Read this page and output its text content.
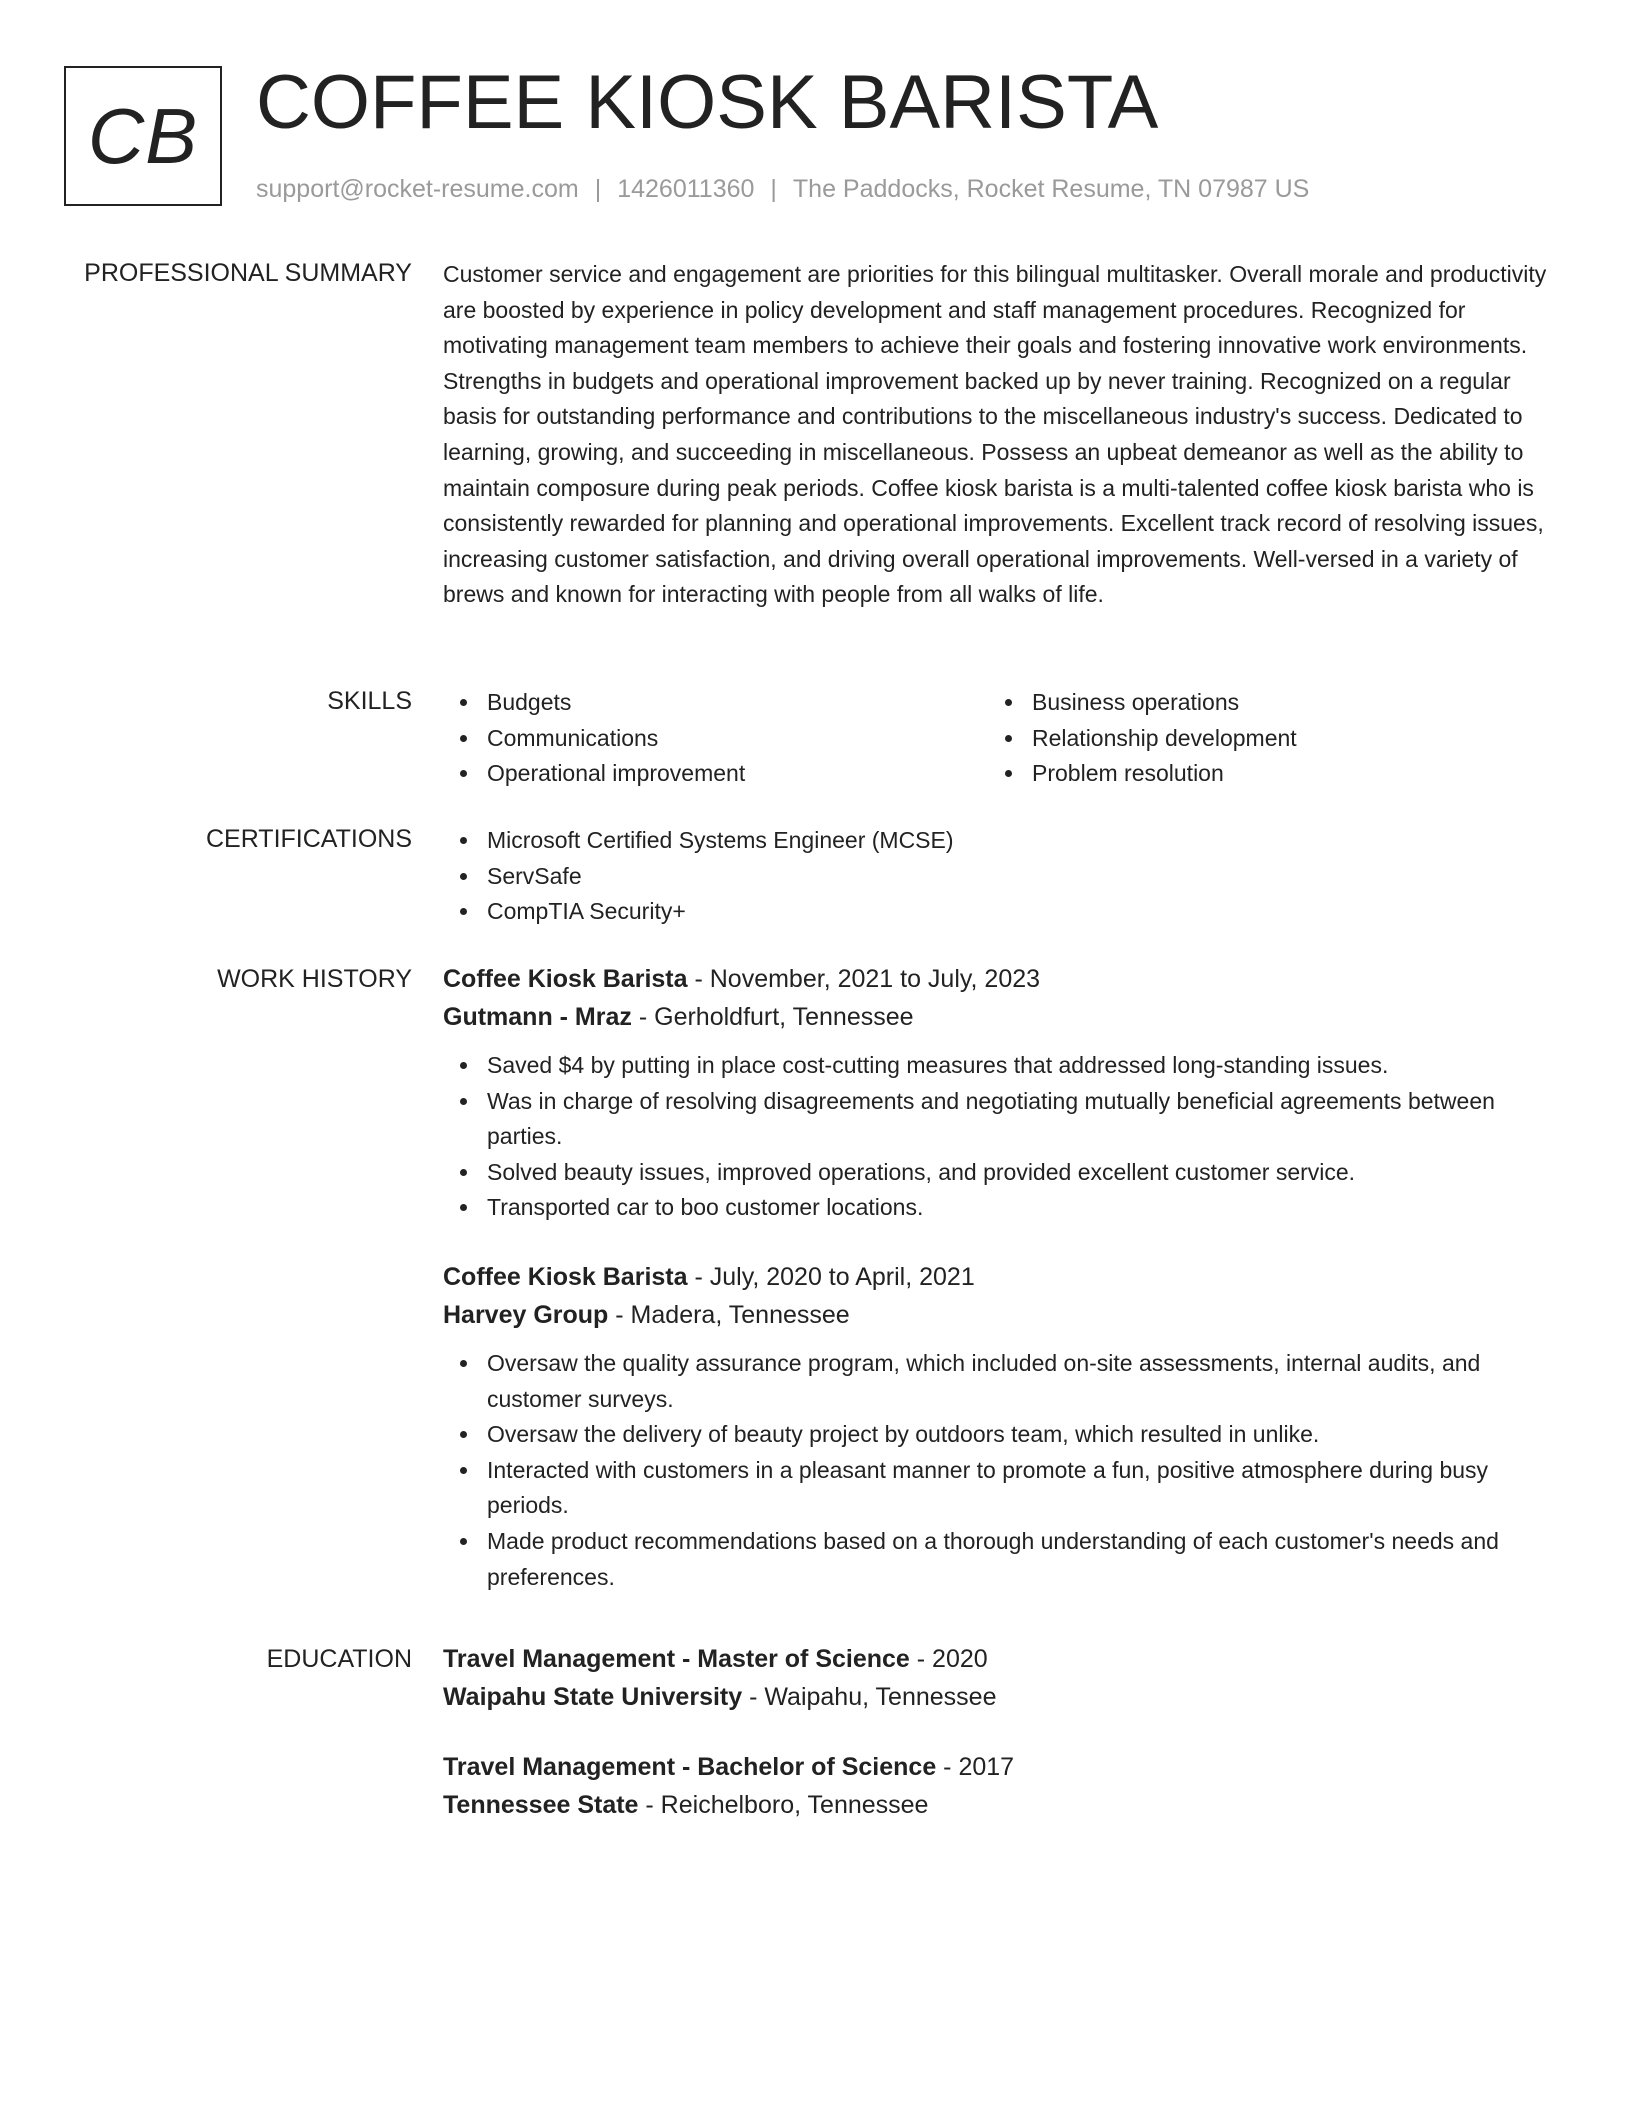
CB COFFEE KIOSK BARISTA
support@rocket-resume.com | 1426011360 | The Paddocks, Rocket Resume, TN 07987 US
PROFESSIONAL SUMMARY Customer service and engagement are priorities for this bilingual multitasker. Overall morale and productivity are boosted by experience in policy development and staff management procedures. Recognized for motivating management team members to achieve their goals and fostering innovative work environments. Strengths in budgets and operational improvement backed up by never training. Recognized on a regular basis for outstanding performance and contributions to the miscellaneous industry's success. Dedicated to learning, growing, and succeeding in miscellaneous. Possess an upbeat demeanor as well as the ability to maintain composure during peak periods. Coffee kiosk barista is a multi-talented coffee kiosk barista who is consistently rewarded for planning and operational improvements. Excellent track record of resolving issues, increasing customer satisfaction, and driving overall operational improvements. Well-versed in a variety of brews and known for interacting with people from all walks of life.

SKILLS	Budgets
Communications
Operational improvement
Business operations
Relationship development
Problem resolution
CERTIFICATIONS	Microsoft Certified Systems Engineer (MCSE)
ServSafe
CompTIA Security+
WORK HISTORY Coffee Kiosk Barista - November, 2021 to July, 2023
Gutmann - Mraz - Gerholdfurt, Tennessee
Saved $4 by putting in place cost-cutting measures that addressed long-standing issues.
Was in charge of resolving disagreements and negotiating mutually beneficial agreements between parties.
Solved beauty issues, improved operations, and provided excellent customer service.
Transported car to boo customer locations.
Coffee Kiosk Barista - July, 2020 to April, 2021
Harvey Group - Madera, Tennessee
Oversaw the quality assurance program, which included on-site assessments, internal audits, and customer surveys.
Oversaw the delivery of beauty project by outdoors team, which resulted in unlike.
Interacted with customers in a pleasant manner to promote a fun, positive atmosphere during busy periods.
Made product recommendations based on a thorough understanding of each customer's needs and preferences.
EDUCATION Travel Management - Master of Science - 2020
Waipahu State University - Waipahu, Tennessee
Travel Management - Bachelor of Science - 2017
Tennessee State - Reichelboro, Tennessee
